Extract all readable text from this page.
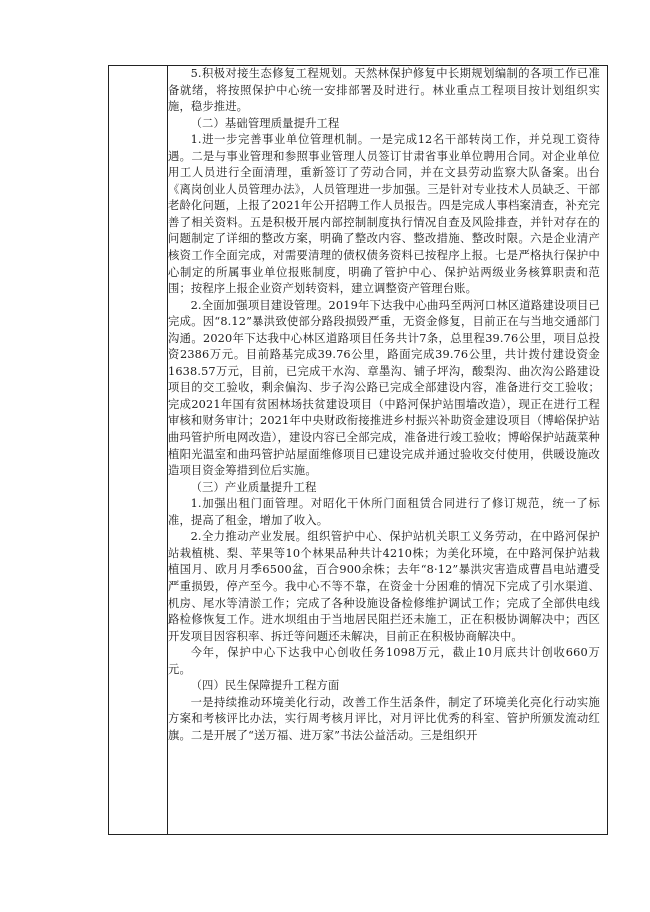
5.积极对接生态修复工程规划。天然林保护修复中长期规划编制的各项工作已准备就绪，将按照保护中心统一安排部署及时进行。林业重点工程项目按计划组织实施，稳步推进。

（二）基础管理质量提升工程

1.进一步完善事业单位管理机制。一是完成12名干部转岗工作，并兑现工资待遇。二是与事业管理和参照事业管理人员签订甘肃省事业单位聘用合同。对企业单位用工人员进行全面清理，重新签订了劳动合同，并在文县劳动监察大队备案。出台《离岗创业人员管理办法》，人员管理进一步加强。三是针对专业技术人员缺乏、干部老龄化问题，上报了2021年公开招聘工作人员报告。四是完成人事档案清查，补充完善了相关资料。五是积极开展内部控制制度执行情况自查及风险排查，并针对存在的问题制定了详细的整改方案，明确了整改内容、整改措施、整改时限。六是企业清产核资工作全面完成，对需要清理的债权债务资料已按程序上报。七是严格执行保护中心制定的所属事业单位报账制度，明确了管护中心、保护站两级业务核算职责和范围；按程序上报企业资产划转资料，建立调整资产管理台账。

2.全面加强项目建设管理。2019年下达我中心曲玛至两河口林区道路建设项目已完成。因“8.12”暴洪致使部分路段损毁严重，无资金修复，目前正在与当地交通部门沟通。2020年下达我中心林区道路项目任务共计7条，总里程39.76公里，项目总投资2386万元。目前路基完成39.76公里，路面完成39.76公里，共计拨付建设资金1638.57万元，目前，已完成干水沟、章墨沟、铺子坪沟，酸梨沟、曲次沟公路建设项目的交工验收，剩余偏沟、步子沟公路已完成全部建设内容，准备进行交工验收；完成2021年国有贫困林场扶贫建设项目（中路河保护站围墙改造），现正在进行工程审核和财务审计；2021年中央财政衔接推进乡村振兴补助资金建设项目（博峪保护站曲玛管护所电网改造），建设内容已全部完成，准备进行竣工验收；博峪保护站蔬菜种植阳光温室和曲玛管护站屋面维修项目已建设完成并通过验收交付使用，供暖设施改造项目资金筹措到位后实施。

（三）产业质量提升工程

1.加强出租门面管理。对昭化干休所门面租赁合同进行了修订规范，统一了标准，提高了租金，增加了收入。

2.全力推动产业发展。组织管护中心、保护站机关职工义务劳动，在中路河保护站栽植桃、梨、苹果等10个林果品种共计4210株；为美化环境，在中路河保护站栽植国月、欧月月季6500盆，百合900余株；去年“8·12”暴洪灾害造成曹昌电站遭受严重损毁，停产至今。我中心不等不靠，在资金十分困难的情况下完成了引水渠道、机房、尾水等清淤工作；完成了各种设施设备检修维护调试工作；完成了全部供电线路检修恢复工作。进水坝组由于当地居民阻拦还未施工，正在积极协调解决中；西区开发项目因容积率、拆迁等问题还未解决，目前正在积极协商解决中。

今年，保护中心下达我中心创收任务1098万元，截止10月底共计创收660万元。

（四）民生保障提升工程方面

一是持续推动环境美化行动，改善工作生活条件，制定了环境美化亮化行动实施方案和考核评比办法，实行周考核月评比，对月评比优秀的科室、管护所颁发流动红旗。二是开展了“送万福、进万家”书法公益活动。三是组织开
